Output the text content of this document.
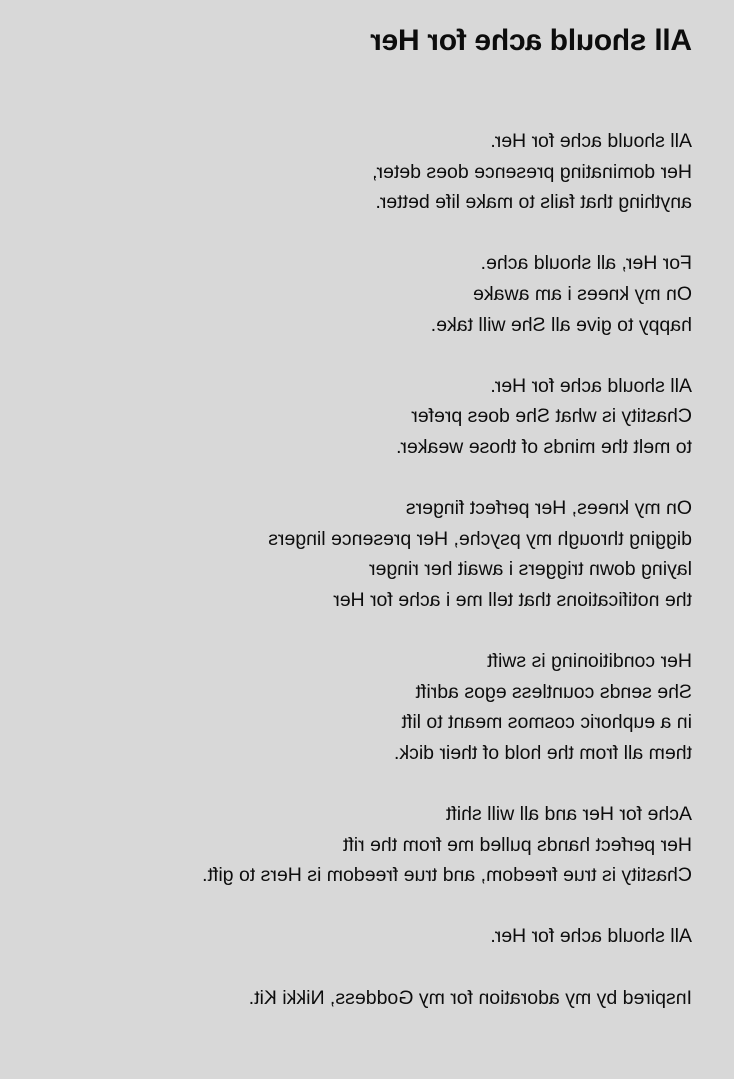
All should ache for Her
All should ache for Her.
Her dominating presence does deter,
anything that fails to make life better.
For Her, all should ache.
On my knees i am awake
happy to give all She will take.
All should ache for Her.
Chastity is what She does prefer
to melt the minds of those weaker.
On my knees, Her perfect fingers
digging through my psyche, Her presence lingers
laying down triggers i await her ringer
the notifications that tell me i ache for Her
Her conditioning is swift
She sends countless egos adrift
in a euphoric cosmos meant to lift
them all from the hold of their dick.
Ache for Her and all will shift
Her perfect hands pulled me from the rift
Chastity is true freedom, and true freedom is Hers to gift.
All should ache for Her.
Inspired by my adoration for my Goddess, Nikki Kit.
